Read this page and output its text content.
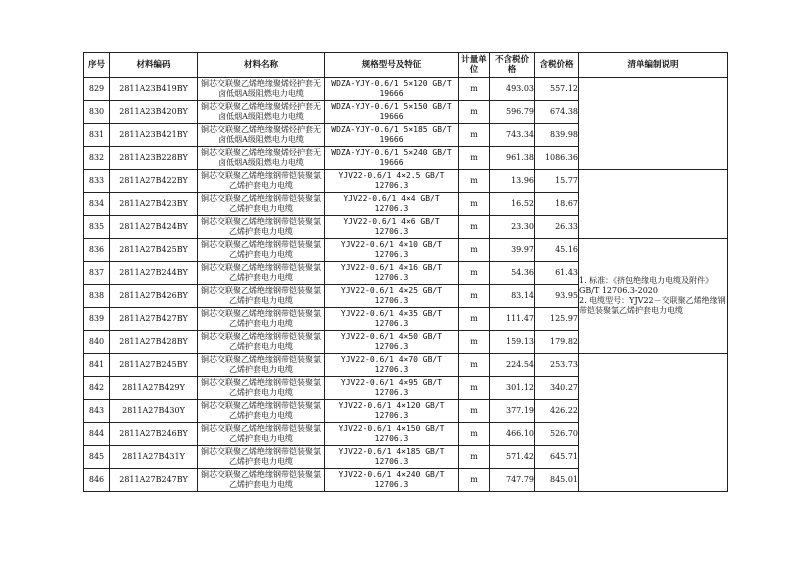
序号	材料编码	材料名称	规格型号及特征	计量单位	不含税价 格	含税价格	清单编制说明
829	2811A23B419BY	铜芯交联聚乙烯绝缘聚烯烃护套无卤低烟A级阻燃电力电缆	WDZA-YJY-0.6/1 5×120 GB/T 19666	m	493.03	557.12	
830	2811A23B420BY	铜芯交联聚乙烯绝缘聚烯烃护套无卤低烟A级阻燃电力电缆	WDZA-YJY-0.6/1 5×150 GB/T 19666	m	596.79	674.38	
831	2811A23B421BY	铜芯交联聚乙烯绝缘聚烯烃护套无卤低烟A级阻燃电力电缆	WDZA-YJY-0.6/1 5×185 GB/T 19666	m	743.34	839.98	
832	2811A23B228BY	铜芯交联聚乙烯绝缘聚烯烃护套无卤低烟A级阻燃电力电缆	WDZA-YJY-0.6/1 5×240 GB/T 19666	m	961.38	1086.36	
833	2811A27B422BY	铜芯交联聚乙烯绝缘钢带铠装聚氯乙烯护套电力电缆	YJV22-0.6/1 4×2.5 GB/T 12706.3	m	13.96	15.77	
834	2811A27B423BY	铜芯交联聚乙烯绝缘钢带铠装聚氯乙烯护套电力电缆	YJV22-0.6/1 4×4 GB/T 12706.3	m	16.52	18.67	
835	2811A27B424BY	铜芯交联聚乙烯绝缘钢带铠装聚氯乙烯护套电力电缆	YJV22-0.6/1 4×6 GB/T 12706.3	m	23.30	26.33	
836	2811A27B425BY	铜芯交联聚乙烯绝缘钢带铠装聚氯乙烯护套电力电缆	YJV22-0.6/1 4×10 GB/T 12706.3	m	39.97	45.16	1. 标准：《挤包绝缘电力电缆及附件》GB/T 12706.3-2020
2. 电缆型号：YJV22－交联聚乙烯绝缘钢带铠装聚氯乙烯护套电力电缆

837	2811A27B244BY	铜芯交联聚乙烯绝缘钢带铠装聚氯乙烯护套电力电缆	YJV22-0.6/1 4×16 GB/T 12706.3	m	54.36	61.43	
838	2811A27B426BY	铜芯交联聚乙烯绝缘钢带铠装聚氯乙烯护套电力电缆	YJV22-0.6/1 4×25 GB/T 12706.3	m	83.14	93.95	
839	2811A27B427BY	铜芯交联聚乙烯绝缘钢带铠装聚氯乙烯护套电力电缆	YJV22-0.6/1 4×35 GB/T 12706.3	m	111.47	125.97	
840	2811A27B428BY	铜芯交联聚乙烯绝缘钢带铠装聚氯乙烯护套电力电缆	YJV22-0.6/1 4×50 GB/T 12706.3	m	159.13	179.82	
841	2811A27B245BY	铜芯交联聚乙烯绝缘钢带铠装聚氯乙烯护套电力电缆	YJV22-0.6/1 4×70 GB/T 12706.3	m	224.54	253.73	
842	2811A27B429Y	铜芯交联聚乙烯绝缘钢带铠装聚氯乙烯护套电力电缆	YJV22-0.6/1 4×95 GB/T 12706.3	m	301.12	340.27	
843	2811A27B430Y	铜芯交联聚乙烯绝缘钢带铠装聚氯乙烯护套电力电缆	YJV22-0.6/1 4×120 GB/T 12706.3	m	377.19	426.22	
844	2811A27B246BY	铜芯交联聚乙烯绝缘钢带铠装聚氯乙烯护套电力电缆	YJV22-0.6/1 4×150 GB/T 12706.3	m	466.10	526.70	
845	2811A27B431Y	铜芯交联聚乙烯绝缘钢带铠装聚氯乙烯护套电力电缆	YJV22-0.6/1 4×185 GB/T 12706.3	m	571.42	645.71	
846	2811A27B247BY	铜芯交联聚乙烯绝缘钢带铠装聚氯乙烯护套电力电缆	YJV22-0.6/1 4×240 GB/T 12706.3	m	747.79	845.01	
